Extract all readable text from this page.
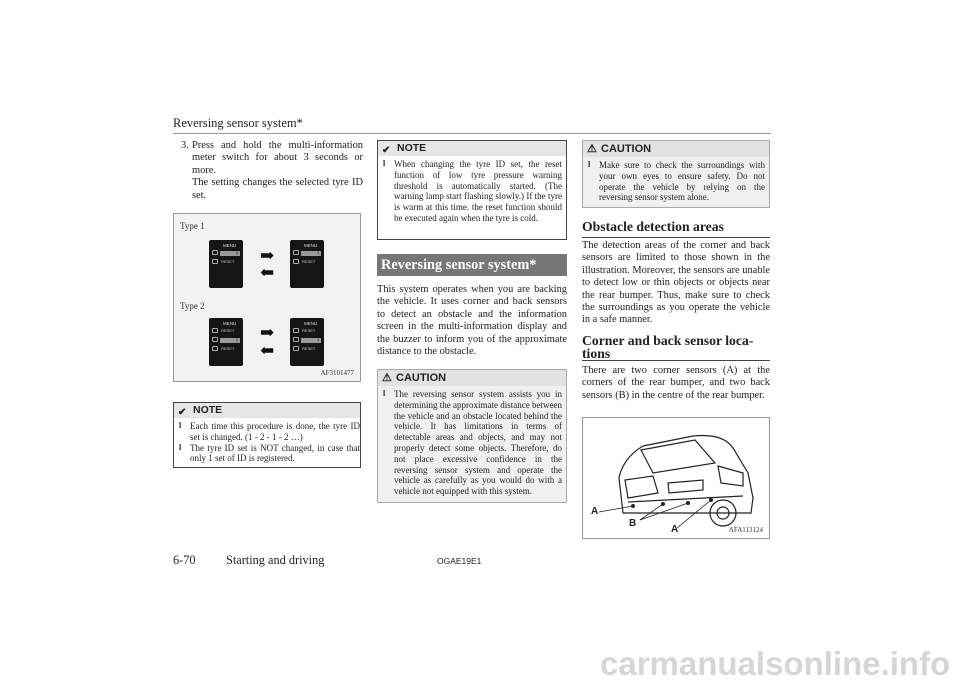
Reversing sensor system*
3. Press and hold the multi-information meter switch for about 3 seconds or more.

The setting changes the selected tyre ID set.

Type 1
Type 2
MENU
2
RESET
MENU
1
RESET
➡
⬅
MENU
RESET
2
RESET
MENU
RESET
1
RESET
➡
⬅
AF3101477
✔ NOTE
l Each time this procedure is done, the tyre ID set is changed. (1 - 2 - 1 - 2 …)
l The tyre ID set is NOT changed, in case that only 1 set of ID is registered.
✔ NOTE
l When changing the tyre ID set, the reset function of low tyre pressure warning threshold is automatically started. (The warning lamp start flashing slowly.) If the tyre is warm at this time. the reset function should be executed again when the tyre is cold.
Reversing sensor system*

This system operates when you are backing the vehicle. It uses corner and back sensors to detect an obstacle and the information screen in the multi-information display and the buzzer to inform you of the approximate distance to the obstacle.

⚠ CAUTION
l The reversing sensor system assists you in determining the approximate distance between the vehicle and an obstacle located behind the vehicle. It has limitations in terms of detectable areas and objects, and may not properly detect some objects. Therefore, do not place excessive confidence in the reversing sensor system and operate the vehicle as carefully as you would do with a vehicle not equipped with this system.
⚠ CAUTION
l Make sure to check the surroundings with your own eyes to ensure safety. Do not operate the vehicle by relying on the reversing sensor system alone.
Obstacle detection areas

The detection areas of the corner and back sensors are limited to those shown in the illustration. Moreover, the sensors are unable to detect low or thin objects or objects near the rear bumper. Thus, make sure to check the surroundings as you operate the vehicle in a safe manner.

Corner and back sensor loca-
tions

There are two corner sensors (A) at the corners of the rear bumper, and two back sensors (B) in the centre of the rear bumper.

A
B
A	AFA113124
6-70 Starting and driving	OGAE19E1
carmanualsonline.info
